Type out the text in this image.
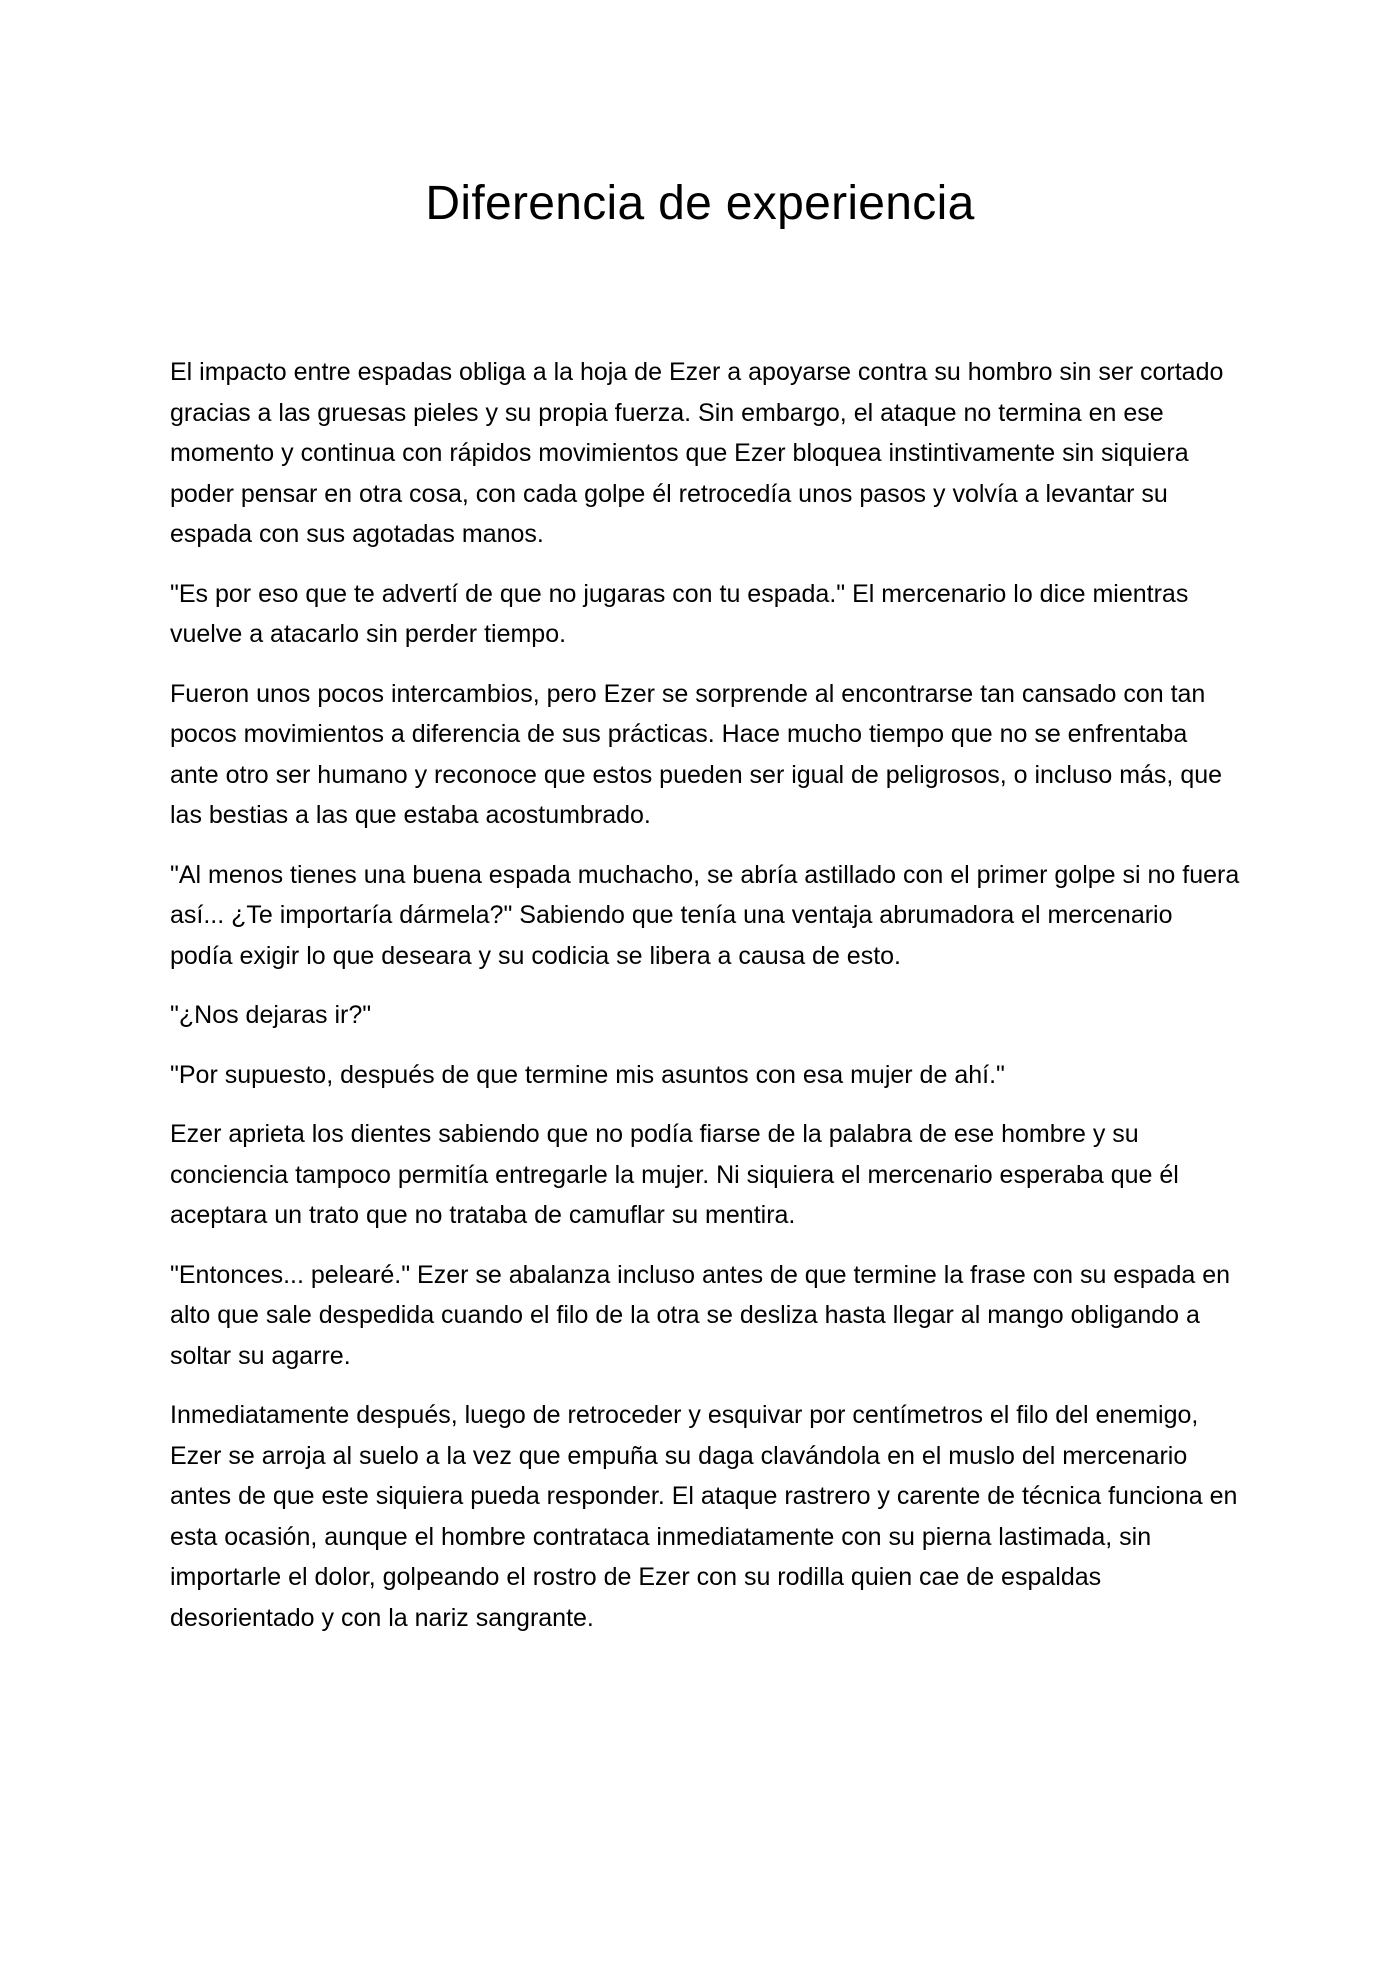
Diferencia de experiencia

El impacto entre espadas obliga a la hoja de Ezer a apoyarse contra su hombro sin ser cortado gracias a las gruesas pieles y su propia fuerza. Sin embargo, el ataque no termina en ese momento y continua con rápidos movimientos que Ezer bloquea instintivamente sin siquiera poder pensar en otra cosa, con cada golpe él retrocedía unos pasos y volvía a levantar su espada con sus agotadas manos.

"Es por eso que te advertí de que no jugaras con tu espada." El mercenario lo dice mientras vuelve a atacarlo sin perder tiempo.

Fueron unos pocos intercambios, pero Ezer se sorprende al encontrarse tan cansado con tan pocos movimientos a diferencia de sus prácticas. Hace mucho tiempo que no se enfrentaba ante otro ser humano y reconoce que estos pueden ser igual de peligrosos, o incluso más, que las bestias a las que estaba acostumbrado.

"Al menos tienes una buena espada muchacho, se abría astillado con el primer golpe si no fuera así... ¿Te importaría dármela?" Sabiendo que tenía una ventaja abrumadora el mercenario podía exigir lo que deseara y su codicia se libera a causa de esto.

"¿Nos dejaras ir?"

"Por supuesto, después de que termine mis asuntos con esa mujer de ahí."

Ezer aprieta los dientes sabiendo que no podía fiarse de la palabra de ese hombre y su conciencia tampoco permitía entregarle la mujer. Ni siquiera el mercenario esperaba que él aceptara un trato que no trataba de camuflar su mentira.

"Entonces... pelearé." Ezer se abalanza incluso antes de que termine la frase con su espada en alto que sale despedida cuando el filo de la otra se desliza hasta llegar al mango obligando a soltar su agarre.

Inmediatamente después, luego de retroceder y esquivar por centímetros el filo del enemigo, Ezer se arroja al suelo a la vez que empuña su daga clavándola en el muslo del mercenario antes de que este siquiera pueda responder. El ataque rastrero y carente de técnica funciona en esta ocasión, aunque el hombre contrataca inmediatamente con su pierna lastimada, sin importarle el dolor, golpeando el rostro de Ezer con su rodilla quien cae de espaldas desorientado y con la nariz sangrante.
